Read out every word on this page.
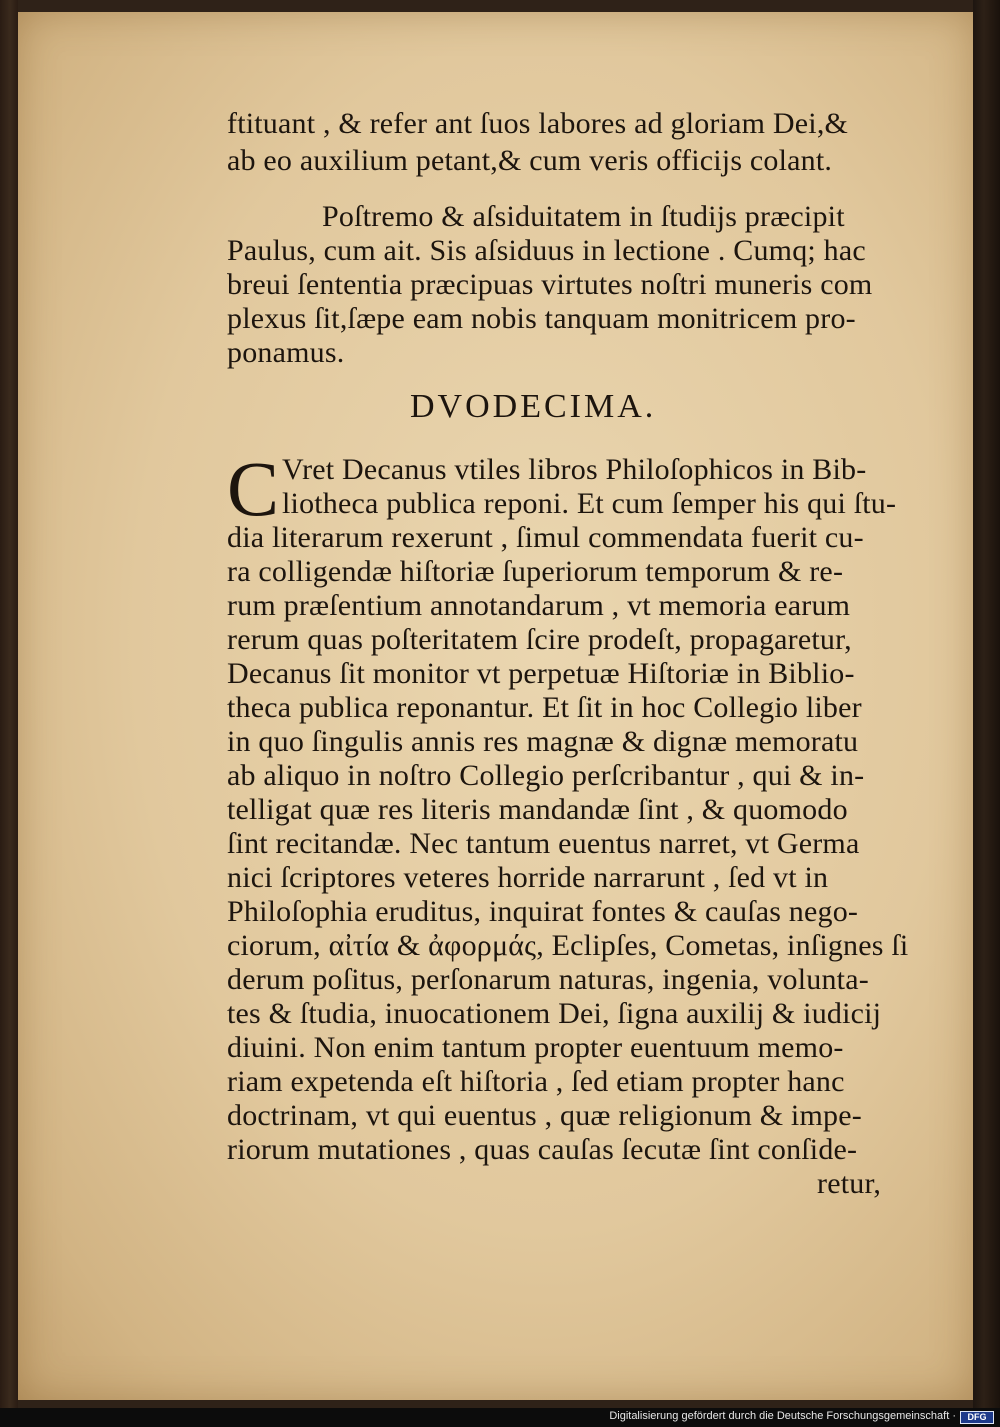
ftituant , & refer ant ſuos labores ad gloriam Dei,&
ab eo auxilium petant,& cum veris officijs colant.
Poſtremo & aſsiduitatem in ſtudijs præcipit
Paulus, cum ait. Sis aſsiduus in lectione . Cumq; hac
breui ſententia præcipuas virtutes noſtri muneris com
plexus ſit,ſæpe eam nobis tanquam monitricem pro-
ponamus.
DVODECIMA.
C Vret Decanus vtiles libros Philoſophicos in Bib-
liotheca publica reponi. Et cum ſemper his qui ſtu-
dia literarum rexerunt , ſimul commendata fuerit cu-
ra colligendæ hiſtoriæ ſuperiorum temporum & re-
rum præſentium annotandarum , vt memoria earum
rerum quas poſteritatem ſcire prodeſt, propagaretur,
Decanus ſit monitor vt perpetuæ Hiſtoriæ in Biblio-
theca publica reponantur. Et ſit in hoc Collegio liber
in quo ſingulis annis res magnæ & dignæ memoratu
ab aliquo in noſtro Collegio perſcribantur , qui & in-
telligat quæ res literis mandandæ ſint , & quomodo
ſint recitandæ. Nec tantum euentus narret, vt Germa
nici ſcriptores veteres horride narrarunt , ſed vt in
Philoſophia eruditus, inquirat fontes & cauſas nego-
ciorum, αἰτία & ἀφορμάς, Eclipſes, Cometas, inſignes ſi
derum poſitus, perſonarum naturas, ingenia, volunta-
tes & ſtudia, inuocationem Dei, ſigna auxilij & iudicij
diuini. Non enim tantum propter euentuum memo-
riam expetenda eſt hiſtoria , ſed etiam propter hanc
doctrinam, vt qui euentus , quæ religionum & impe-
riorum mutationes , quas cauſas ſecutæ ſint conſide-
retur,
Digitalisierung gefördert durch die Deutsche Forschungsgemeinschaft ·	DFG
